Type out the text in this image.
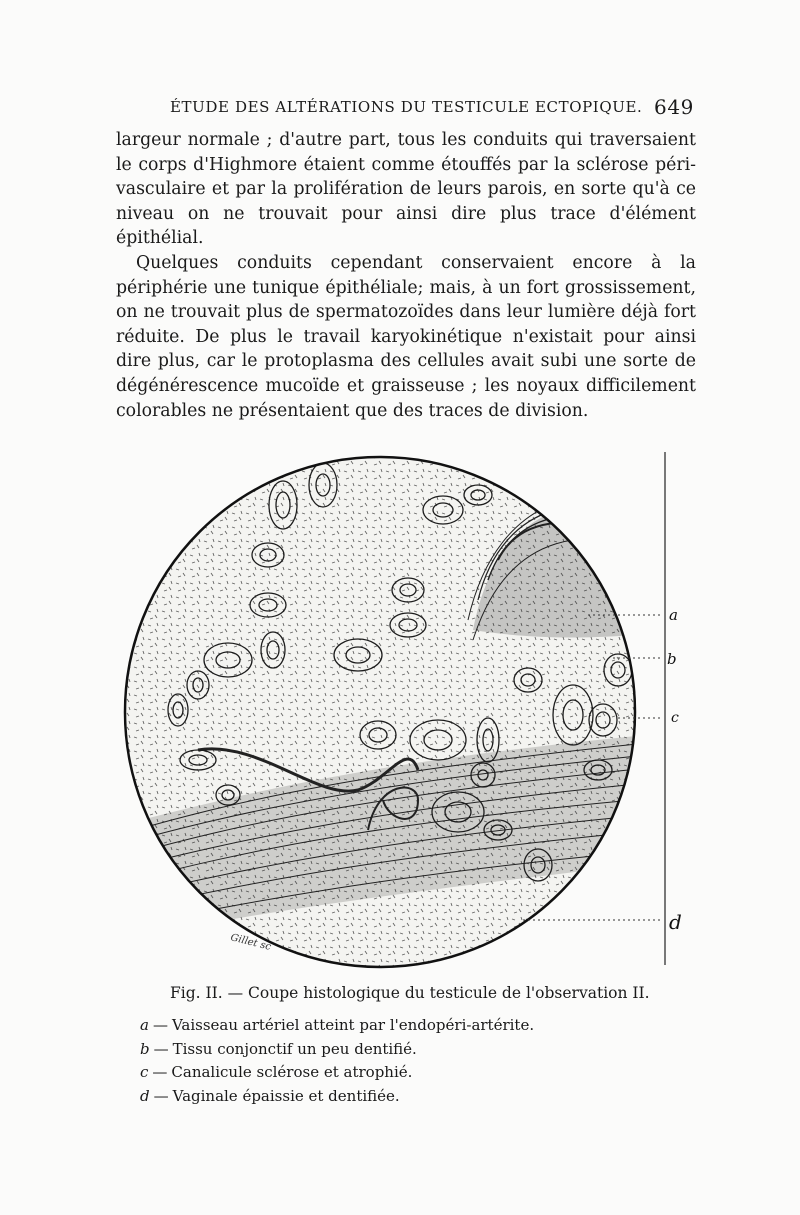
ÉTUDE DES ALTÉRATIONS DU TESTICULE ECTOPIQUE. 649

largeur normale ; d'autre part, tous les conduits qui traversaient le corps d'Highmore étaient comme étouffés par la sclérose péri-vasculaire et par la prolifération de leurs parois, en sorte qu'à ce niveau on ne trouvait pour ainsi dire plus trace d'élément épithélial.

Quelques conduits cependant conservaient encore à la périphérie une tunique épithéliale; mais, à un fort grossissement, on ne trouvait plus de spermatozoïdes dans leur lumière déjà fort réduite. De plus le travail karyokinétique n'existait pour ainsi dire plus, car le protoplasma des cellules avait subi une sorte de dégénérescence mucoïde et graisseuse ; les noyaux difficilement colorables ne présentaient que des traces de division.

a
b
c
d
Gillet sc
Fig. II. — Coupe histologique du testicule de l'observation II.
a — Vaisseau artériel atteint par l'endopéri-artérite.
b — Tissu conjonctif un peu dentifié.
c — Canalicule sclérose et atrophié.
d — Vaginale épaissie et dentifiée.
